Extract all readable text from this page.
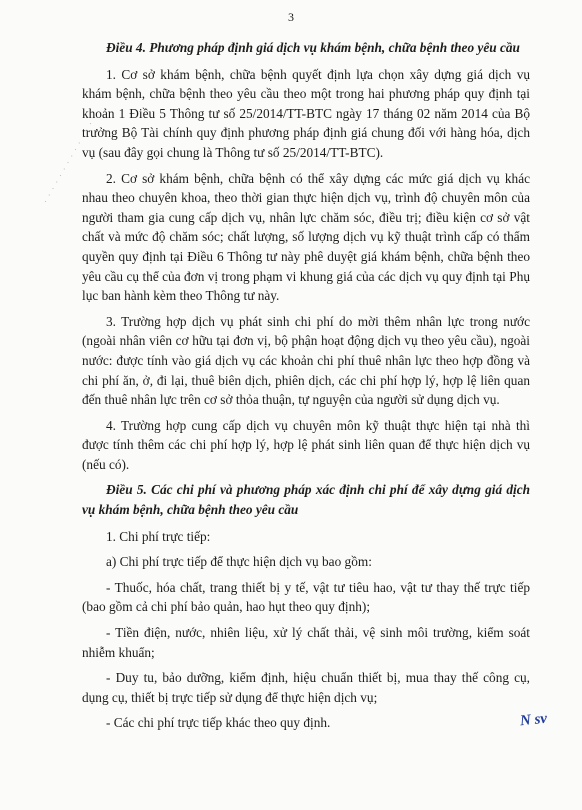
3
· · · · · · · · · · · · · ·

Điều 4. Phương pháp định giá dịch vụ khám bệnh, chữa bệnh theo yêu cầu

1. Cơ sở khám bệnh, chữa bệnh quyết định lựa chọn xây dựng giá dịch vụ khám bệnh, chữa bệnh theo yêu cầu theo một trong hai phương pháp quy định tại khoản 1 Điều 5 Thông tư số 25/2014/TT-BTC ngày 17 tháng 02 năm 2014 của Bộ trưởng Bộ Tài chính quy định phương pháp định giá chung đối với hàng hóa, dịch vụ (sau đây gọi chung là Thông tư số 25/2014/TT-BTC).

2. Cơ sở khám bệnh, chữa bệnh có thể xây dựng các mức giá dịch vụ khác nhau theo chuyên khoa, theo thời gian thực hiện dịch vụ, trình độ chuyên môn của người tham gia cung cấp dịch vụ, nhân lực chăm sóc, điều trị; điều kiện cơ sở vật chất và mức độ chăm sóc; chất lượng, số lượng dịch vụ kỹ thuật trình cấp có thẩm quyền quy định tại Điều 6 Thông tư này phê duyệt giá khám bệnh, chữa bệnh theo yêu cầu cụ thể của đơn vị trong phạm vi khung giá của các dịch vụ quy định tại Phụ lục ban hành kèm theo Thông tư này.

3. Trường hợp dịch vụ phát sinh chi phí do mời thêm nhân lực trong nước (ngoài nhân viên cơ hữu tại đơn vị, bộ phận hoạt động dịch vụ theo yêu cầu), ngoài nước: được tính vào giá dịch vụ các khoản chi phí thuê nhân lực theo hợp đồng và chi phí ăn, ở, đi lại, thuê biên dịch, phiên dịch, các chi phí hợp lý, hợp lệ liên quan đến thuê nhân lực trên cơ sở thỏa thuận, tự nguyện của người sử dụng dịch vụ.

4. Trường hợp cung cấp dịch vụ chuyên môn kỹ thuật thực hiện tại nhà thì được tính thêm các chi phí hợp lý, hợp lệ phát sinh liên quan để thực hiện dịch vụ (nếu có).

Điều 5. Các chi phí và phương pháp xác định chi phí để xây dựng giá dịch vụ khám bệnh, chữa bệnh theo yêu cầu

1. Chi phí trực tiếp:

a) Chi phí trực tiếp để thực hiện dịch vụ bao gồm:

- Thuốc, hóa chất, trang thiết bị y tế, vật tư tiêu hao, vật tư thay thế trực tiếp (bao gồm cả chi phí bảo quản, hao hụt theo quy định);

- Tiền điện, nước, nhiên liệu, xử lý chất thải, vệ sinh môi trường, kiểm soát nhiễm khuẩn;

- Duy tu, bảo dưỡng, kiểm định, hiệu chuẩn thiết bị, mua thay thế công cụ, dụng cụ, thiết bị trực tiếp sử dụng để thực hiện dịch vụ;

- Các chi phí trực tiếp khác theo quy định.	N sv
